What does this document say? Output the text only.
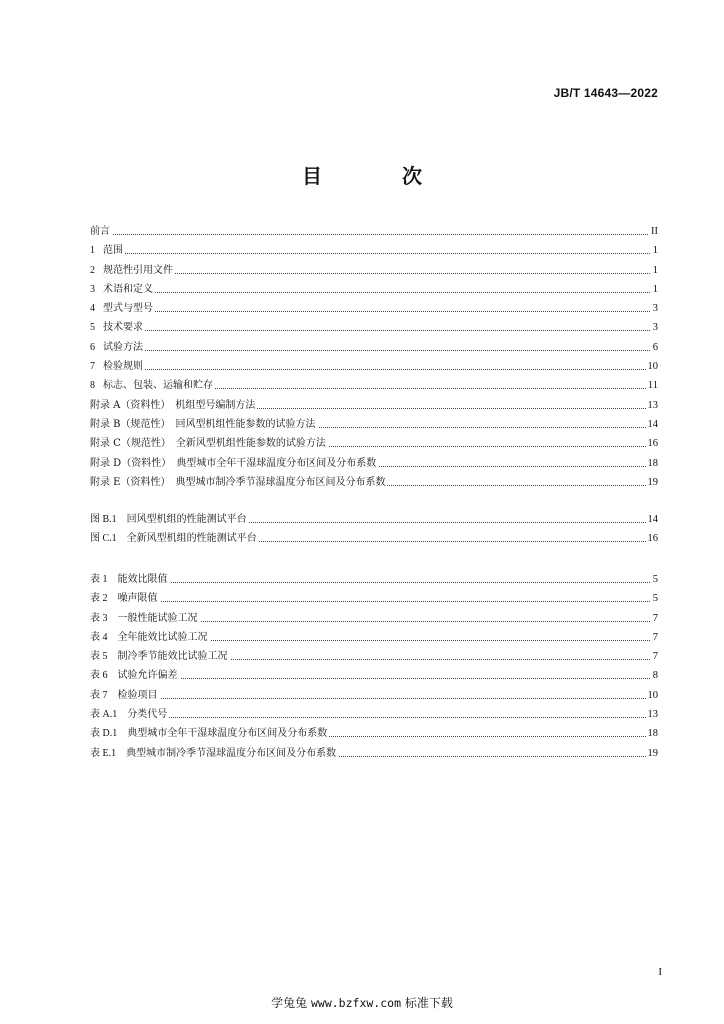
JB/T 14643—2022
目　次
前言	II
1 范围	1
2 规范性引用文件	1
3 术语和定义	1
4 型式与型号	3
5 技术要求	3
6 试验方法	6
7 检验规则	10
8 标志、包装、运输和贮存	11
附录 A（资料性）　机组型号编制方法	13
附录 B（规范性）　回风型机组性能参数的试验方法	14
附录 C（规范性）　全新风型机组性能参数的试验方法	16
附录 D（资料性）　典型城市全年干湿球温度分布区间及分布系数	18
附录 E（资料性）　典型城市制冷季节湿球温度分布区间及分布系数	19
图 B.1 回风型机组的性能测试平台	14
图 C.1 全新风型机组的性能测试平台	16
表 1 能效比限值	5
表 2 噪声限值	5
表 3 一般性能试验工况	7
表 4 全年能效比试验工况	7
表 5 制冷季节能效比试验工况	7
表 6 试验允许偏差	8
表 7 检验项目	10
表 A.1 分类代号	13
表 D.1 典型城市全年干湿球温度分布区间及分布系数	18
表 E.1 典型城市制冷季节湿球温度分布区间及分布系数	19
I
学兔兔 www.bzfxw.com 标准下载
